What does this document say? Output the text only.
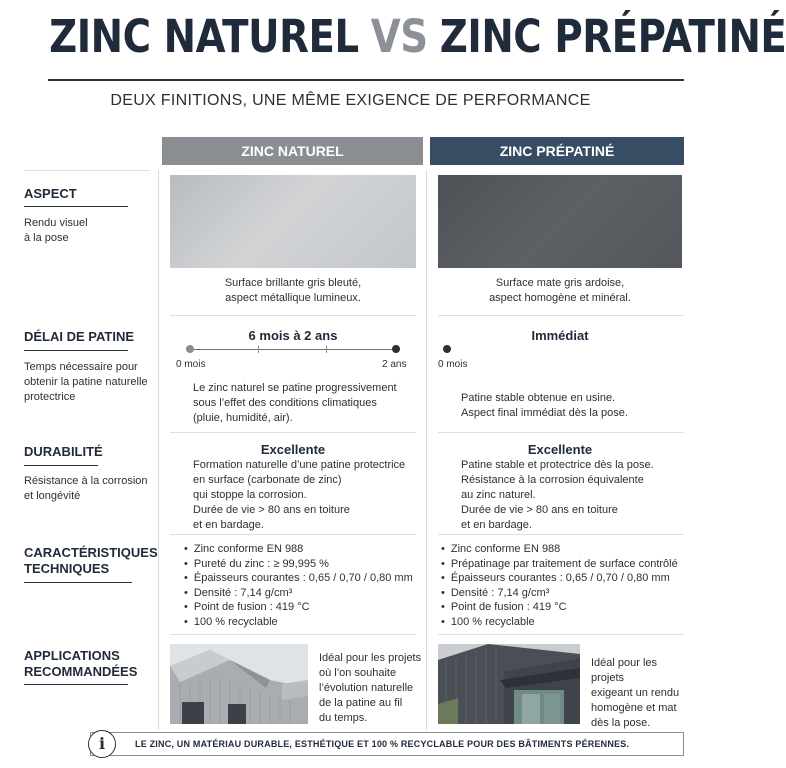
ZINC NATUREL VS ZINC PRÉPATINÉ
DEUX FINITIONS, UNE MÊME EXIGENCE DE PERFORMANCE
ZINC NATUREL	ZINC PRÉPATINÉ
ASPECT
Rendu visuel
à la pose
Surface brillante gris bleuté,
aspect métallique lumineux.
Surface mate gris ardoise,
aspect homogène et minéral.
DÉLAI DE PATINE
Temps nécessaire pour
obtenir la patine naturelle
protectrice
6 mois à 2 ans
0 mois	2 ans
Le zinc naturel se patine progressivement
sous l’effet des conditions climatiques
(pluie, humidité, air).
Immédiat
0 mois
Patine stable obtenue en usine.
Aspect final immédiat dès la pose.
DURABILITÉ
Résistance à la corrosion
et longévité
Excellente
Formation naturelle d’une patine protectrice
en surface (carbonate de zinc)
qui stoppe la corrosion.
Durée de vie > 80 ans en toiture
et en bardage.
Excellente
Patine stable et protectrice dès la pose.
Résistance à la corrosion équivalente
au zinc naturel.
Durée de vie > 80 ans en toiture
et en bardage.
CARACTÉRISTIQUES
TECHNIQUES
• Zinc conforme EN 988
• Pureté du zinc : ≥ 99,995 %
• Épaisseurs courantes : 0,65 / 0,70 / 0,80 mm
• Densité : 7,14 g/cm³
• Point de fusion : 419 °C
• 100 % recyclable
• Zinc conforme EN 988
• Prépatinage par traitement de surface contrôlé
• Épaisseurs courantes : 0,65 / 0,70 / 0,80 mm
• Densité : 7,14 g/cm³
• Point de fusion : 419 °C
• 100 % recyclable
APPLICATIONS
RECOMMANDÉES
Idéal pour les projets
où l’on souhaite
l’évolution naturelle
de la patine au fil
du temps.
Idéal pour les projets
exigeant un rendu
homogène et mat
dès la pose.
LE ZINC, UN MATÉRIAU DURABLE, ESTHÉTIQUE ET 100 % RECYCLABLE POUR DES BÂTIMENTS PÉRENNES.
i
